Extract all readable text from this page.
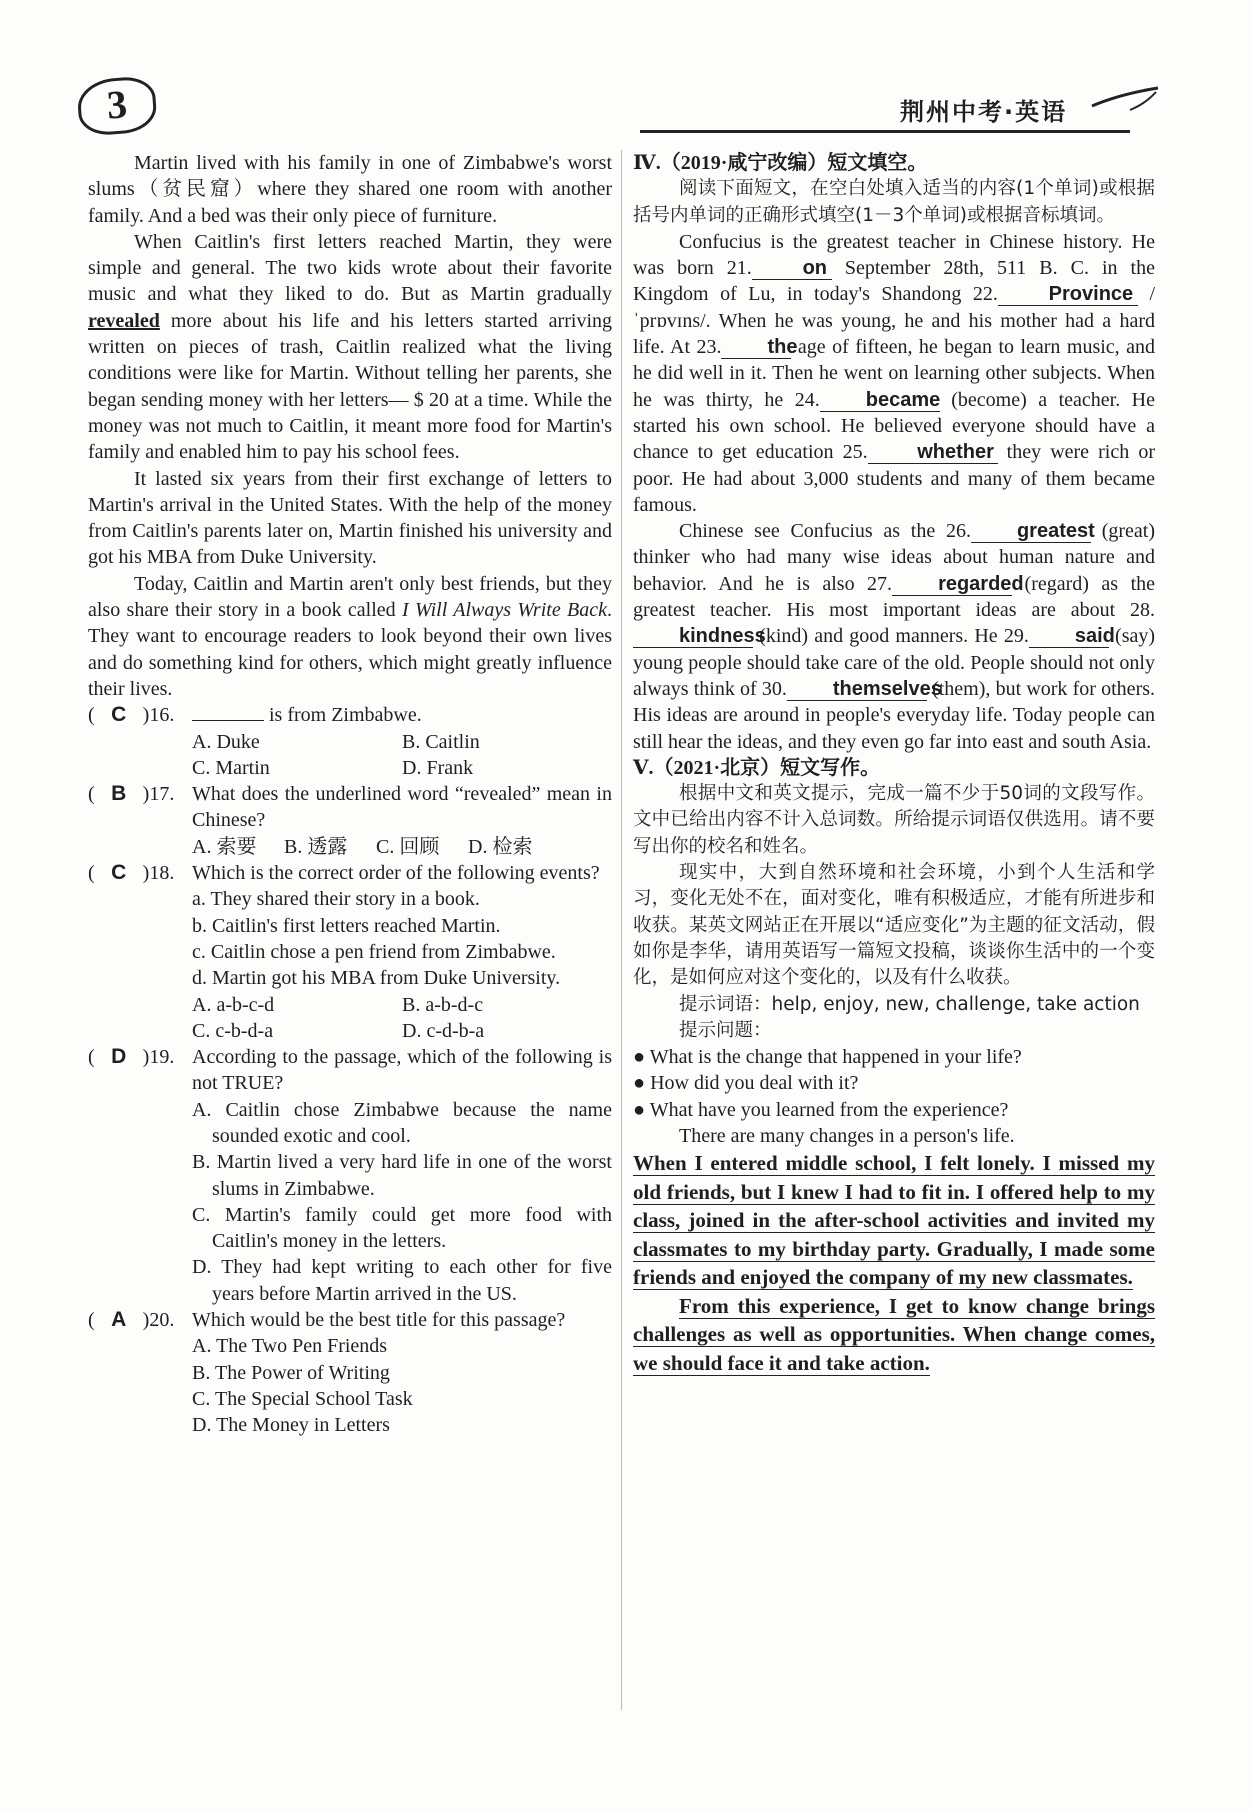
3	荆州中考·英语

Martin lived with his family in one of Zimbabwe's worst slums（贫民窟）where they shared one room with another family. And a bed was their only piece of furniture.

When Caitlin's first letters reached Martin, they were simple and general. The two kids wrote about their favorite music and what they liked to do. But as Martin gradually revealed more about his life and his letters started arriving written on pieces of trash, Caitlin realized what the living conditions were like for Martin. Without telling her parents, she began sending money with her letters— $ 20 at a time. While the money was not much to Caitlin, it meant more food for Martin's family and enabled him to pay his school fees.

It lasted six years from their first exchange of letters to Martin's arrival in the United States. With the help of the money from Caitlin's parents later on, Martin finished his university and got his MBA from Duke University.

Today, Caitlin and Martin aren't only best friends, but they also share their story in a book called I Will Always Write Back. They want to encourage readers to look beyond their own lives and do something kind for others, which might greatly influence their lives.

( C )16.	is from Zimbabwe.
A. Duke	B. Caitlin
C. Martin	D. Frank
( B )17. What does the underlined word “revealed” mean in Chinese?
A. 索要	B. 透露	C. 回顾	D. 检索
( C )18. Which is the correct order of the following events?
a. They shared their story in a book.
b. Caitlin's first letters reached Martin.
c. Caitlin chose a pen friend from Zimbabwe.
d. Martin got his MBA from Duke University.
A. a-b-c-d	B. a-b-d-c
C. c-b-d-a	D. c-d-b-a
( D )19. According to the passage, which of the following is not TRUE?
A. Caitlin chose Zimbabwe because the name sounded exotic and cool.
B. Martin lived a very hard life in one of the worst slums in Zimbabwe.
C. Martin's family could get more food with Caitlin's money in the letters.
D. They had kept writing to each other for five years before Martin arrived in the US.
( A )20. Which would be the best title for this passage?
A. The Two Pen Friends
B. The Power of Writing
C. The Special School Task
D. The Money in Letters

Ⅳ.（2019·咸宁改编）短文填空。

阅读下面短文，在空白处填入适当的内容(1个单词)或根据括号内单词的正确形式填空(1－3个单词)或根据音标填词。

Confucius is the greatest teacher in Chinese history. He was born 21.	on September 28th, 511 B. C. in the Kingdom of Lu, in today's Shandong 22.	Province /ˈprɒvɪns/. When he was young, he and his mother had a hard life. At 23. the age of fifteen, he began to learn music, and he did well in it. Then he went on learning other subjects. When he was thirty, he 24. became (become) a teacher. He started his own school. He believed everyone should have a chance to get education 25. whether they were rich or poor. He had about 3,000 students and many of them became famous.

Chinese see Confucius as the 26. greatest (great) thinker who had many wise ideas about human nature and behavior. And he is also 27. regarded (regard) as the greatest teacher. His most important ideas are about 28.kindness (kind) and good manners. He 29. said (say) young people should take care of the old. People should not only always think of 30. themselves (them), but work for others. His ideas are around in people's everyday life. Today people can still hear the ideas, and they even go far into east and south Asia.

Ⅴ.（2021·北京）短文写作。

根据中文和英文提示，完成一篇不少于50词的文段写作。文中已给出内容不计入总词数。所给提示词语仅供选用。请不要写出你的校名和姓名。

现实中，大到自然环境和社会环境，小到个人生活和学习，变化无处不在，面对变化，唯有积极适应，才能有所进步和收获。某英文网站正在开展以“适应变化”为主题的征文活动，假如你是李华，请用英语写一篇短文投稿，谈谈你生活中的一个变化，是如何应对这个变化的，以及有什么收获。

提示词语：help, enjoy, new, challenge, take action

提示问题：

● What is the change that happened in your life?

● How did you deal with it?

● What have you learned from the experience?

There are many changes in a person's life.

When I entered middle school, I felt lonely. I missed my old friends, but I knew I had to fit in. I offered help to my class, joined in the after-school activities and invited my classmates to my birthday party. Gradually, I made some friends and enjoyed the company of my new classmates.
From this experience, I get to know change brings challenges as well as opportunities. When change comes, we should face it and take action.
